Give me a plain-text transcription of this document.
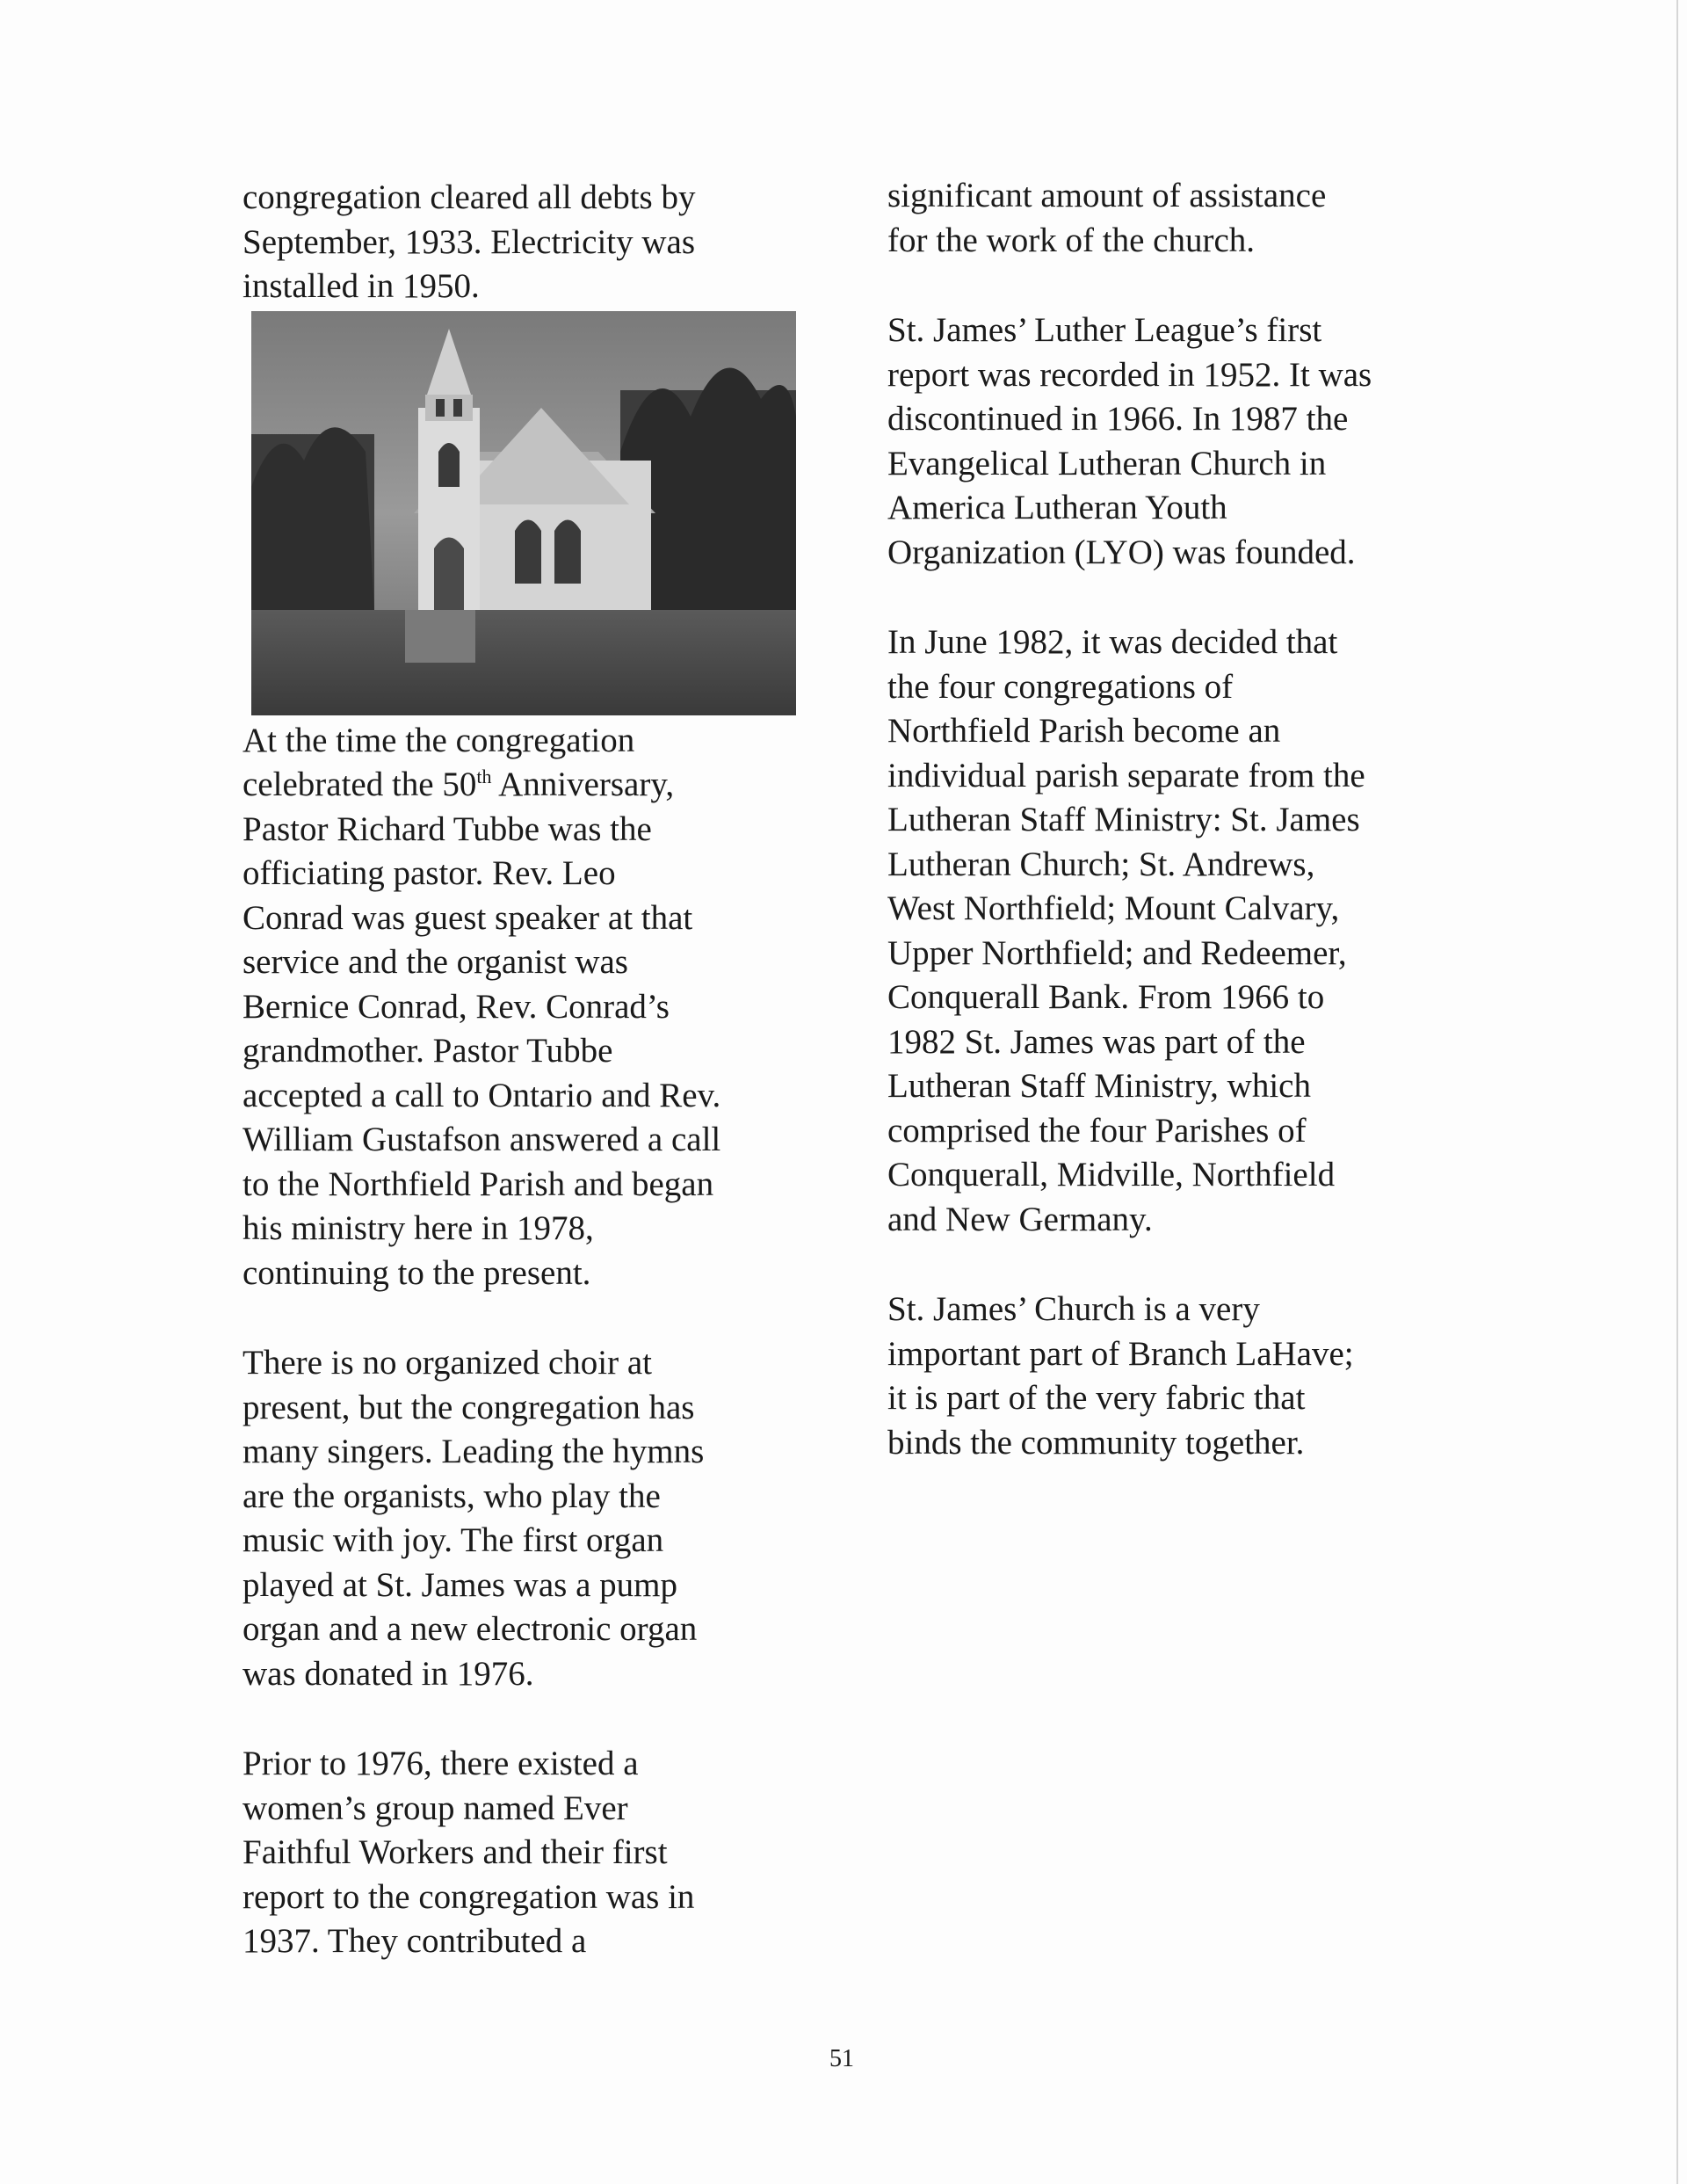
congregation cleared all debts by
September, 1933. Electricity was
installed in 1950.

At the time the congregation
celebrated the 50th Anniversary,
Pastor Richard Tubbe was the
officiating pastor. Rev. Leo
Conrad was guest speaker at that
service and the organist was
Bernice Conrad, Rev. Conrad’s
grandmother. Pastor Tubbe
accepted a call to Ontario and Rev.
William Gustafson answered a call
to the Northfield Parish and began
his ministry here in 1978,
continuing to the present.

There is no organized choir at
present, but the congregation has
many singers. Leading the hymns
are the organists, who play the
music with joy. The first organ
played at St. James was a pump
organ and a new electronic organ
was donated in 1976.

Prior to 1976, there existed a
women’s group named Ever
Faithful Workers and their first
report to the congregation was in
1937. They contributed a

significant amount of assistance
for the work of the church.

St. James’ Luther League’s first
report was recorded in 1952. It was
discontinued in 1966. In 1987 the
Evangelical Lutheran Church in
America Lutheran Youth
Organization (LYO) was founded.

In June 1982, it was decided that
the four congregations of
Northfield Parish become an
individual parish separate from the
Lutheran Staff Ministry: St. James
Lutheran Church; St. Andrews,
West Northfield; Mount Calvary,
Upper Northfield; and Redeemer,
Conquerall Bank. From 1966 to
1982 St. James was part of the
Lutheran Staff Ministry, which
comprised the four Parishes of
Conquerall, Midville, Northfield
and New Germany.

St. James’ Church is a very
important part of Branch LaHave;
it is part of the very fabric that
binds the community together.

51
